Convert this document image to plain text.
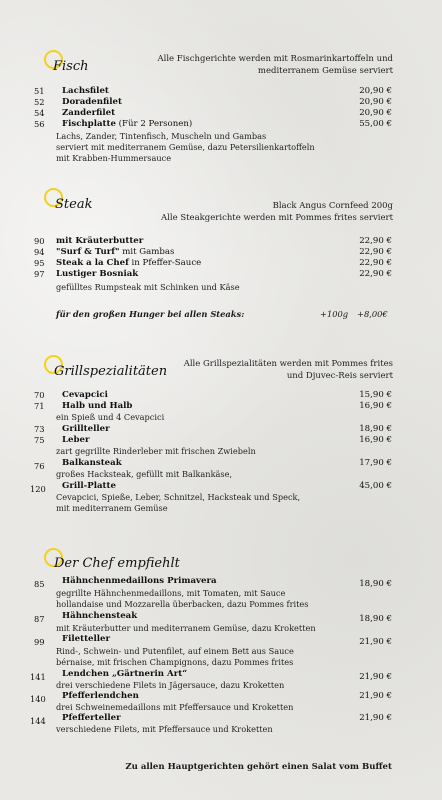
Fisch	Alle Fischgerichte werden mit Rosmarinkartoffeln und
mediterranem Gemüse serviert
51 Lachsfilet	20,90 €
52 Doradenfilet	20,90 €
54 Zanderfilet	20,90 €
56 Fischplatte (Für 2 Personen)	55,00 €
Lachs, Zander, Tintenfisch, Muscheln und Gambas
serviert mit mediterranem Gemüse, dazu Petersilienkartoffeln
mit Krabben-Hummersauce
Steak	Black Angus Cornfeed 200g
Alle Steakgerichte werden mit Pommes frites serviert
90 mit Kräuterbutter	22,90 €
94 "Surf & Turf" mit Gambas	22,90 €
95 Steak a la Chef in Pfeffer-Sauce	22,90 €
97 Lustiger Bosniak	22,90 €
gefülltes Rumpsteak mit Schinken und Käse
für den großen Hunger bei allen Steaks:	+100g +8,00€
Grillspezialitäten Alle Grillspezialitäten werden mit Pommes frites
und Djuvec-Reis serviert
70 Cevapcici	15,90 €
71 Halb und Halb	16,90 €
ein Spieß und 4 Cevapcici
73 Grillteller	18,90 €
75 Leber	16,90 €
zart gegrillte Rinderleber mit frischen Zwiebeln
76 Balkansteak	17,90 €
großes Hacksteak, gefüllt mit Balkankäse,
120 Grill-Platte	45,00 €
Cevapcici, Spieße, Leber, Schnitzel, Hacksteak und Speck,
mit mediterranem Gemüse
Der Chef empfiehlt
85 Hähnchenmedaillons Primavera	18,90 €
gegrillte Hähnchenmedaillons, mit Tomaten, mit Sauce
hollandaise und Mozzarella überbacken, dazu Pommes frites
87 Hähnchensteak	18,90 €
mit Kräuterbutter und mediterranem Gemüse, dazu Kroketten
99 Filetteller	21,90 €
Rind-, Schwein- und Putenfilet, auf einem Bett aus Sauce
bérnaise, mit frischen Champignons, dazu Pommes frites
141 Lendchen „Gärtnerin Art“	21,90 €
drei verschiedene Filets in Jägersauce, dazu Kroketten
140 Pfefferlendchen	21,90 €
drei Schweinemedaillons mit Pfeffersauce und Kroketten
144 Pfefferteller	21,90 €
verschiedene Filets, mit Pfeffersauce und Kroketten
Zu allen Hauptgerichten gehört einen Salat vom Buffet
